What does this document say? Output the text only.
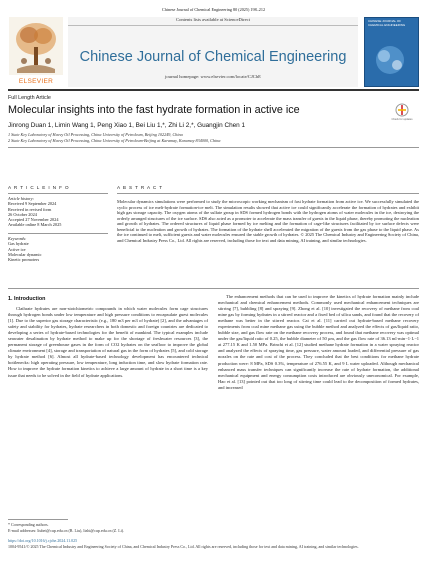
Chinese Journal of Chemical Engineering 80 (2025) 198–212
ELSEVIER
Contents lists available at ScienceDirect
Chinese Journal of Chemical Engineering
journal homepage: www.elsevier.com/locate/CJChE
CHINESE JOURNAL OF CHEMICAL ENGINEERING
Full Length Article
Molecular insights into the fast hydrate formation in active ice
Check for updates
Jinrong Duan 1, Limin Wang 1, Peng Xiao 1, Bei Liu 1,*, Zhi Li 2,*, Guangjin Chen 1
1 State Key Laboratory of Heavy Oil Processing, China University of Petroleum, Beijing 102249, China
2 State Key Laboratory of Heavy Oil Processing, China University of Petroleum-Beijing at Karamay, Karamay 834000, China
A R T I C L E I N F O
Article history:
Received 9 September 2024
Received in revised form
26 October 2024
Accepted 27 November 2024
Available online 8 March 2025
Keywords:
Gas hydrate
Active ice
Molecular dynamic
Kinetic promoters
A B S T R A C T
Molecular dynamics simulations were performed to study the microscopic working mechanism of fast hydrate formation from active ice. We successfully simulated the cyclic process of ice melt-hydrate formation-ice melt. The simulation results showed that active ice could significantly accelerate the formation of hydrates and exhibit high gas storage capacity. The oxygen atoms of the sulfate group in SDS formed hydrogen bonds with the hydrogen atoms of water molecules in the ice, destroying the orderly arranged structures of the ice surface. SDS also acted as a promoter to accelerate the mass transfer of guests in the liquid phase, thereby promoting the nucleation and growth of hydrates. The ordered structures of liquid phase formed by ice melting and the formation of cage-like structures facilitated by ice surface defects were beneficial to the nucleation and growth of hydrates. The formation of the hydrate shell accelerated the migration of the guests from the gas phase to the liquid phase. As the ice continued to melt, sufficient guests and water molecules ensured the stable growth of hydrates. © 2025 The Chemical Industry and Engineering Society of China, and Chemical Industry Press Co., Ltd. All rights are reserved, including those for text and data mining, AI training, and similar technologies.
1. Introduction
Clathrate hydrates are non-stoichiometric compounds in which water molecules form cage structures through hydrogen bonds under low temperature and high pressure conditions to encapsulate guest molecules [1]. Due to the superior gas storage characteristic (e.g., 180 m3 per m3 of hydrate) [2], and the advantages of safety and stability for hydrates, hydrate researchers in both domestic and foreign countries are dedicated to developing a series of hydrate-based technologies for the benefit of mankind. The typical examples include seawater desalination by hydrate method to make up for the shortage of freshwater resources [3], the permanent storage of greenhouse gases in the form of CO2 hydrates on the seafloor to improve the global climate environment [4], storage and transportation of natural gas in the form of hydrates [5], and cold storage by hydrate method [6]. Almost all hydrate-based technology development has encountered technical bottlenecks: high operating pressure, low temperature, long induction time, and slow hydrate formation rate. How to improve the hydrate formation kinetics to achieve a large amount of hydrate in a short time is a key issue that needs to be solved in the field of hydrate applications.
The enhancement methods that can be used to improve the kinetics of hydrate formation mainly include mechanical and chemical enhancement methods. Commonly used mechanical enhancement techniques are stirring [7], bubbling [8] and spraying [9]. Zhong et al. [10] investigated the recovery of methane from coal mine gas by forming hydrates in a stirred reactor and a fixed bed of silica sands, and found that the recovery of methane was better in the stirred reactor. Cai et al. [11] carried out hydrate-based methane recovery experiments from coal mine methane gas using the bubble method and analyzed the effects of gas/liquid ratio, bubble size, and gas flow rate on the methane recovery process, and found that methane recovery was optimal under the gas/liquid ratio of 0.25, the bubble diameter of 50 μm, and the gas flow rate of 36.13 ml·min−1·L−1 at 277.15 K and 1.50 MPa. Brinchi et al. [12] studied methane hydrate formation in a water spraying reactor and analyzed the effects of spraying time, gas pressure, water amount loaded, and differential pressure of gas nozzles on the rate and cost of the process. They concluded that the best conditions for methane hydrate production were: 8 MPa, SDS 0.3%, temperature of 276.55 K, and 9 L water uploaded. Although mechanical enhanced mass transfer techniques can significantly increase the rate of hydrate formation, the additional mechanical equipment and energy consumption costs introduced are obviously uneconomical. For example, Hao et al. [13] pointed out that too long of stirring time could lead to the decomposition of formed hydrates, and increased
* Corresponding authors.
E-mail addresses: liubei@cup.edu.cn (B. Liu), lizhi@cup.edu.cn (Z. Li).
https://doi.org/10.1016/j.cjche.2024.11.025
1004-9541/© 2025 The Chemical Industry and Engineering Society of China, and Chemical Industry Press Co., Ltd. All rights are reserved, including those for text and data mining, AI training, and similar technologies.
